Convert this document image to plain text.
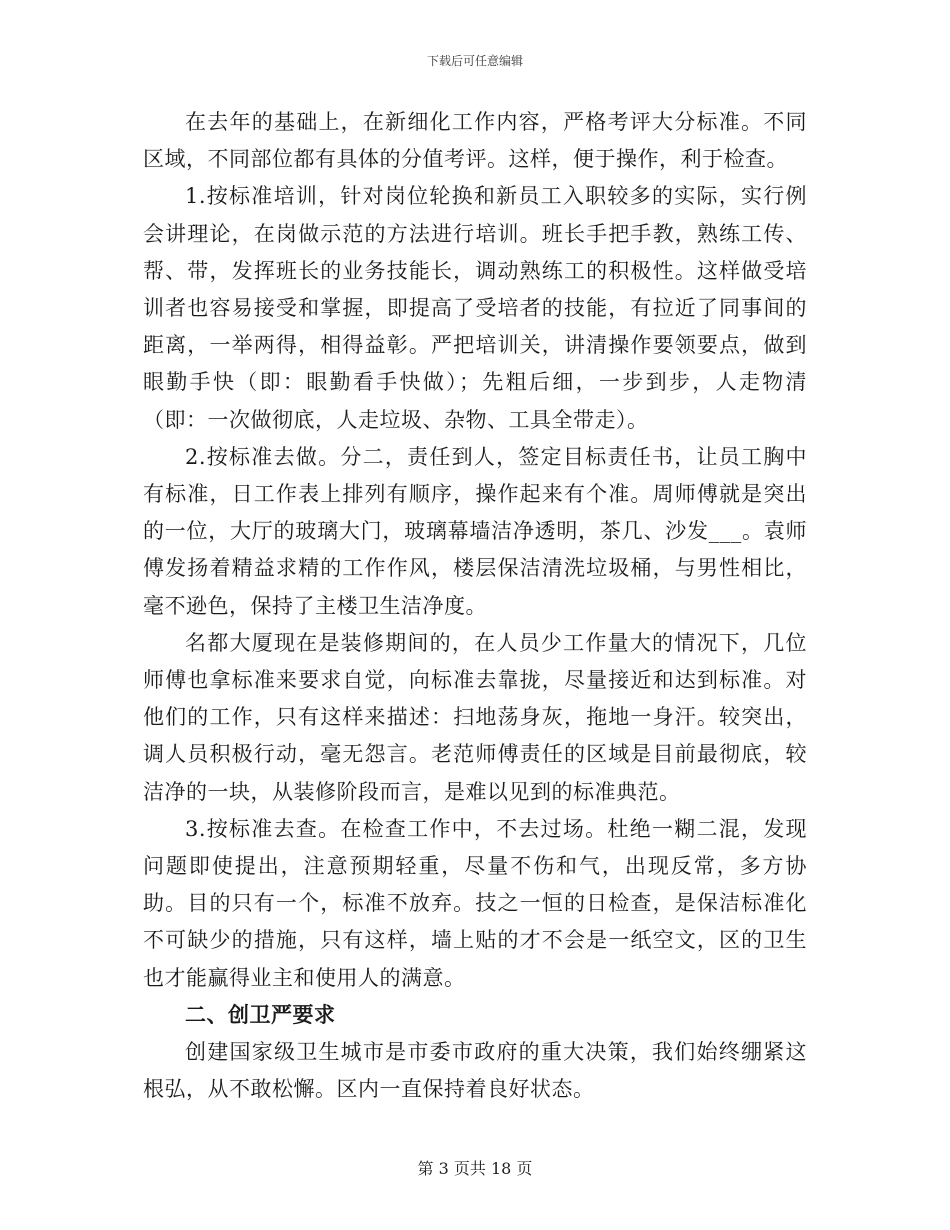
下载后可任意编辑

在去年的基础上，在新细化工作内容，严格考评大分标准。不同区域，不同部位都有具体的分值考评。这样，便于操作，利于检查。

1.按标准培训，针对岗位轮换和新员工入职较多的实际，实行例会讲理论，在岗做示范的方法进行培训。班长手把手教，熟练工传、帮、带，发挥班长的业务技能长，调动熟练工的积极性。这样做受培训者也容易接受和掌握，即提高了受培者的技能，有拉近了同事间的距离，一举两得，相得益彰。严把培训关，讲清操作要领要点，做到眼勤手快（即：眼勤看手快做）；先粗后细，一步到步，人走物清（即：一次做彻底，人走垃圾、杂物、工具全带走）。

2.按标准去做。分二，责任到人，签定目标责任书，让员工胸中有标准，日工作表上排列有顺序，操作起来有个准。周师傅就是突出的一位，大厅的玻璃大门，玻璃幕墙洁净透明，茶几、沙发___。袁师傅发扬着精益求精的工作作风，楼层保洁清洗垃圾桶，与男性相比，毫不逊色，保持了主楼卫生洁净度。

名都大厦现在是装修期间的，在人员少工作量大的情况下，几位师傅也拿标准来要求自觉，向标准去靠拢，尽量接近和达到标准。对他们的工作，只有这样来描述：扫地荡身灰，拖地一身汗。较突出，调人员积极行动，毫无怨言。老范师傅责任的区域是目前最彻底，较洁净的一块，从装修阶段而言，是难以见到的标准典范。

3.按标准去查。在检查工作中，不去过场。杜绝一糊二混，发现问题即使提出，注意预期轻重，尽量不伤和气，出现反常，多方协助。目的只有一个，标准不放弃。技之一恒的日检查，是保洁标准化不可缺少的措施，只有这样，墙上贴的才不会是一纸空文，区的卫生也才能赢得业主和使用人的满意。

二、创卫严要求

创建国家级卫生城市是市委市政府的重大决策，我们始终绷紧这根弘，从不敢松懈。区内一直保持着良好状态。

第 3 页共 18 页
